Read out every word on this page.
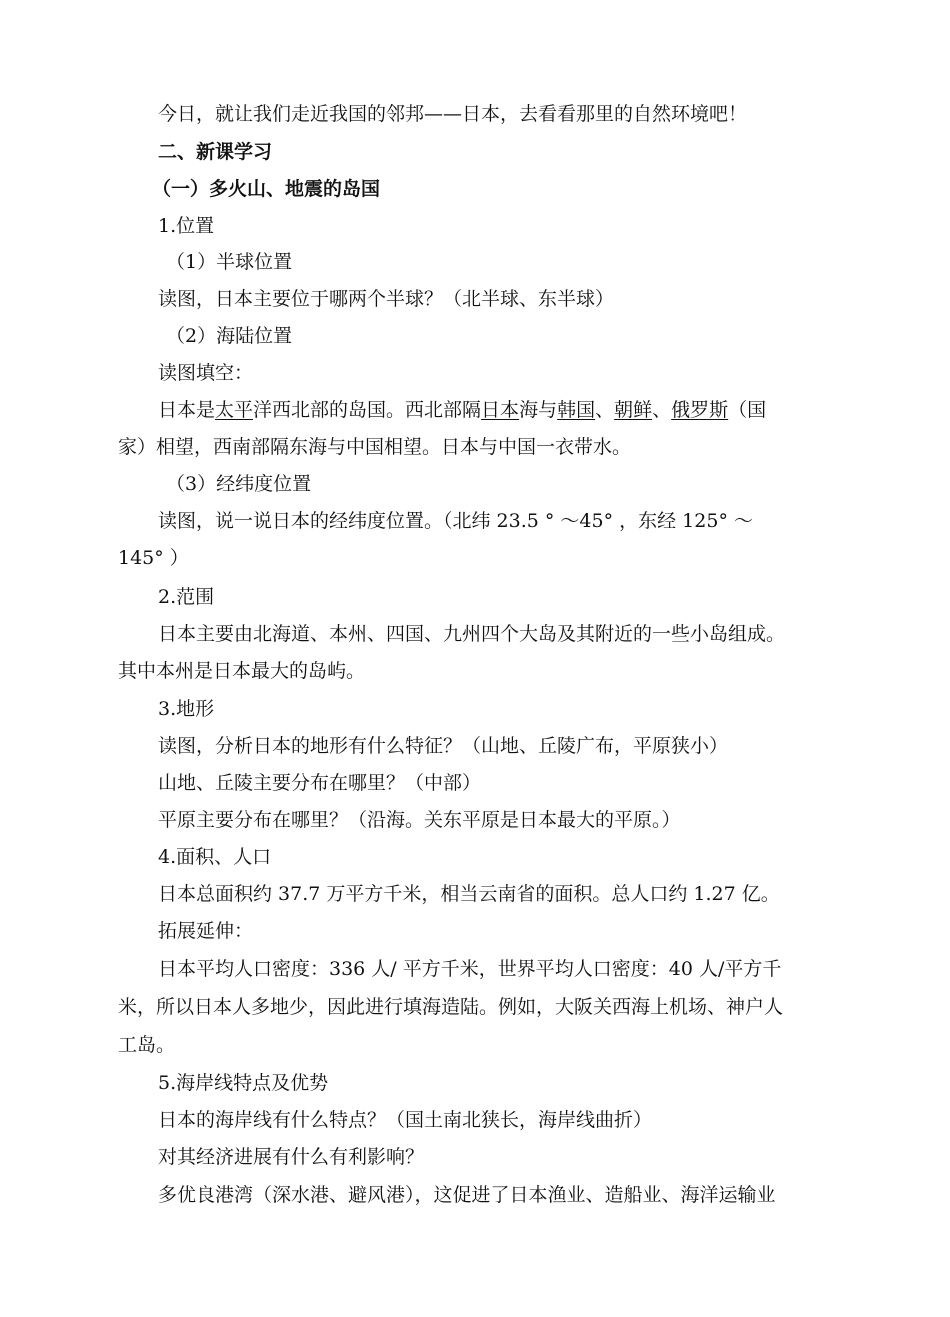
今日，就让我们走近我国的邻邦——日本，去看看那里的自然环境吧！
二、新课学习
（一）多火山、地震的岛国
1.位置
（1）半球位置
读图，日本主要位于哪两个半球？（北半球、东半球）
（2）海陆位置
读图填空：
日本是太平洋西北部的岛国。西北部隔日本海与韩国、朝鲜、俄罗斯（国
家）相望，西南部隔东海与中国相望。日本与中国一衣带水。
（3）经纬度位置
读图，说一说日本的经纬度位置。（北纬 23.5 ° ～45° ，东经 125° ～
145° ）
2.范围
日本主要由北海道、本州、四国、九州四个大岛及其附近的一些小岛组成。
其中本州是日本最大的岛屿。
3.地形
读图，分析日本的地形有什么特征？（山地、丘陵广布，平原狭小）
山地、丘陵主要分布在哪里？（中部）
平原主要分布在哪里？（沿海。关东平原是日本最大的平原。）
4.面积、人口
日本总面积约 37.7 万平方千米，相当云南省的面积。总人口约 1.27 亿。
拓展延伸：
日本平均人口密度：336 人/ 平方千米，世界平均人口密度：40 人/平方千
米，所以日本人多地少，因此进行填海造陆。例如，大阪关西海上机场、神户人
工岛。
5.海岸线特点及优势
日本的海岸线有什么特点？（国土南北狭长，海岸线曲折）
对其经济进展有什么有利影响？
多优良港湾（深水港、避风港），这促进了日本渔业、造船业、海洋运输业
